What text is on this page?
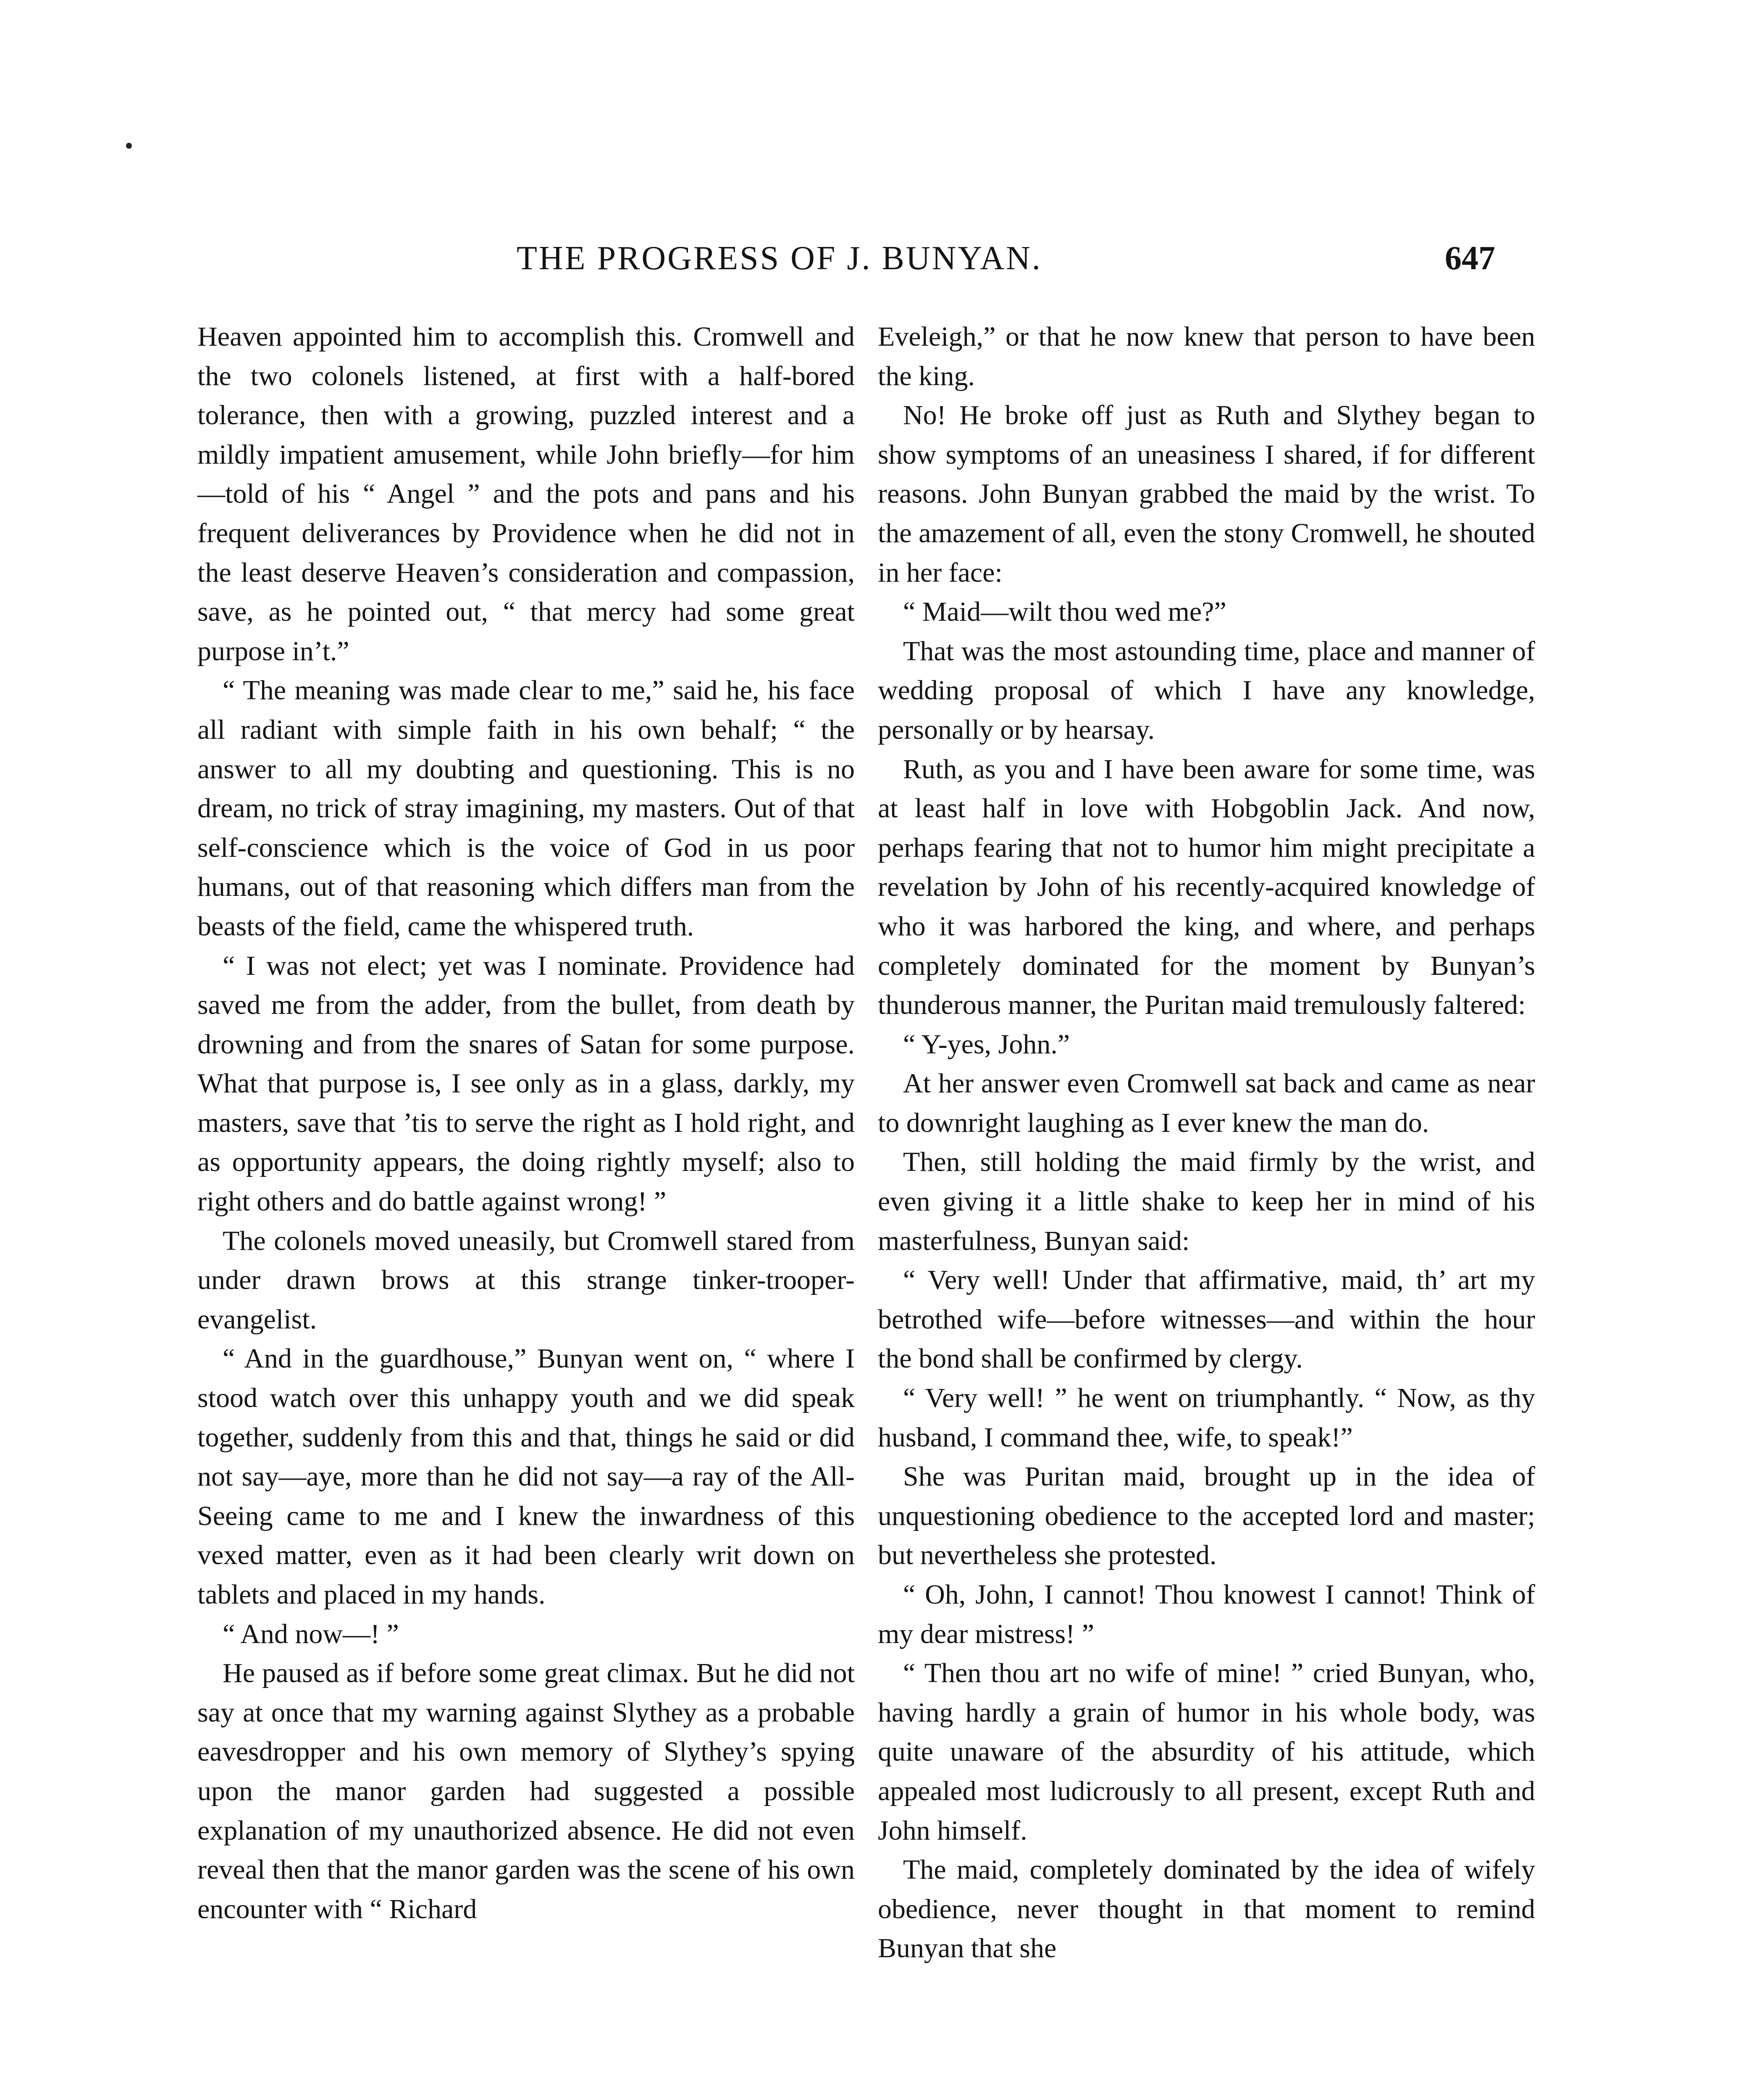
THE PROGRESS OF J. BUNYAN.	647

Heaven appointed him to accomplish this. Cromwell and the two colonels listened, at first with a half-bored tolerance, then with a growing, puzzled interest and a mildly impatient amusement, while John briefly—for him—told of his “ Angel ” and the pots and pans and his frequent deliverances by Providence when he did not in the least deserve Heaven’s consideration and compassion, save, as he pointed out, “ that mercy had some great purpose in’t.”

“ The meaning was made clear to me,” said he, his face all radiant with simple faith in his own behalf; “ the answer to all my doubting and questioning. This is no dream, no trick of stray imagining, my masters. Out of that self-conscience which is the voice of God in us poor humans, out of that reasoning which differs man from the beasts of the field, came the whispered truth.

“ I was not elect; yet was I nominate. Providence had saved me from the adder, from the bullet, from death by drowning and from the snares of Satan for some purpose. What that purpose is, I see only as in a glass, darkly, my masters, save that ’tis to serve the right as I hold right, and as opportunity appears, the doing rightly myself; also to right others and do battle against wrong! ”

The colonels moved uneasily, but Cromwell stared from under drawn brows at this strange tinker-trooper-evangelist.

“ And in the guardhouse,” Bunyan went on, “ where I stood watch over this unhappy youth and we did speak together, suddenly from this and that, things he said or did not say—aye, more than he did not say—a ray of the All-Seeing came to me and I knew the inwardness of this vexed matter, even as it had been clearly writ down on tablets and placed in my hands.

“ And now—! ”

He paused as if before some great climax. But he did not say at once that my warning against Slythey as a probable eavesdropper and his own memory of Slythey’s spying upon the manor garden had suggested a possible explanation of my unauthorized absence. He did not even reveal then that the manor garden was the scene of his own encounter with “ Richard

Eveleigh,” or that he now knew that person to have been the king.

No! He broke off just as Ruth and Slythey began to show symptoms of an uneasiness I shared, if for different reasons. John Bunyan grabbed the maid by the wrist. To the amazement of all, even the stony Cromwell, he shouted in her face:

“ Maid—wilt thou wed me?”

That was the most astounding time, place and manner of wedding proposal of which I have any knowledge, personally or by hearsay.

Ruth, as you and I have been aware for some time, was at least half in love with Hobgoblin Jack. And now, perhaps fearing that not to humor him might precipitate a revelation by John of his recently-acquired knowledge of who it was harbored the king, and where, and perhaps completely dominated for the moment by Bunyan’s thunderous manner, the Puritan maid tremulously faltered:

“ Y-yes, John.”

At her answer even Cromwell sat back and came as near to downright laughing as I ever knew the man do.

Then, still holding the maid firmly by the wrist, and even giving it a little shake to keep her in mind of his masterfulness, Bunyan said:

“ Very well! Under that affirmative, maid, th’ art my betrothed wife—before witnesses—and within the hour the bond shall be confirmed by clergy.

“ Very well! ” he went on triumphantly. “ Now, as thy husband, I command thee, wife, to speak!”

She was Puritan maid, brought up in the idea of unquestioning obedience to the accepted lord and master; but nevertheless she protested.

“ Oh, John, I cannot! Thou knowest I cannot! Think of my dear mistress! ”

“ Then thou art no wife of mine! ” cried Bunyan, who, having hardly a grain of humor in his whole body, was quite unaware of the absurdity of his attitude, which appealed most ludicrously to all present, except Ruth and John himself.

The maid, completely dominated by the idea of wifely obedience, never thought in that moment to remind Bunyan that she
